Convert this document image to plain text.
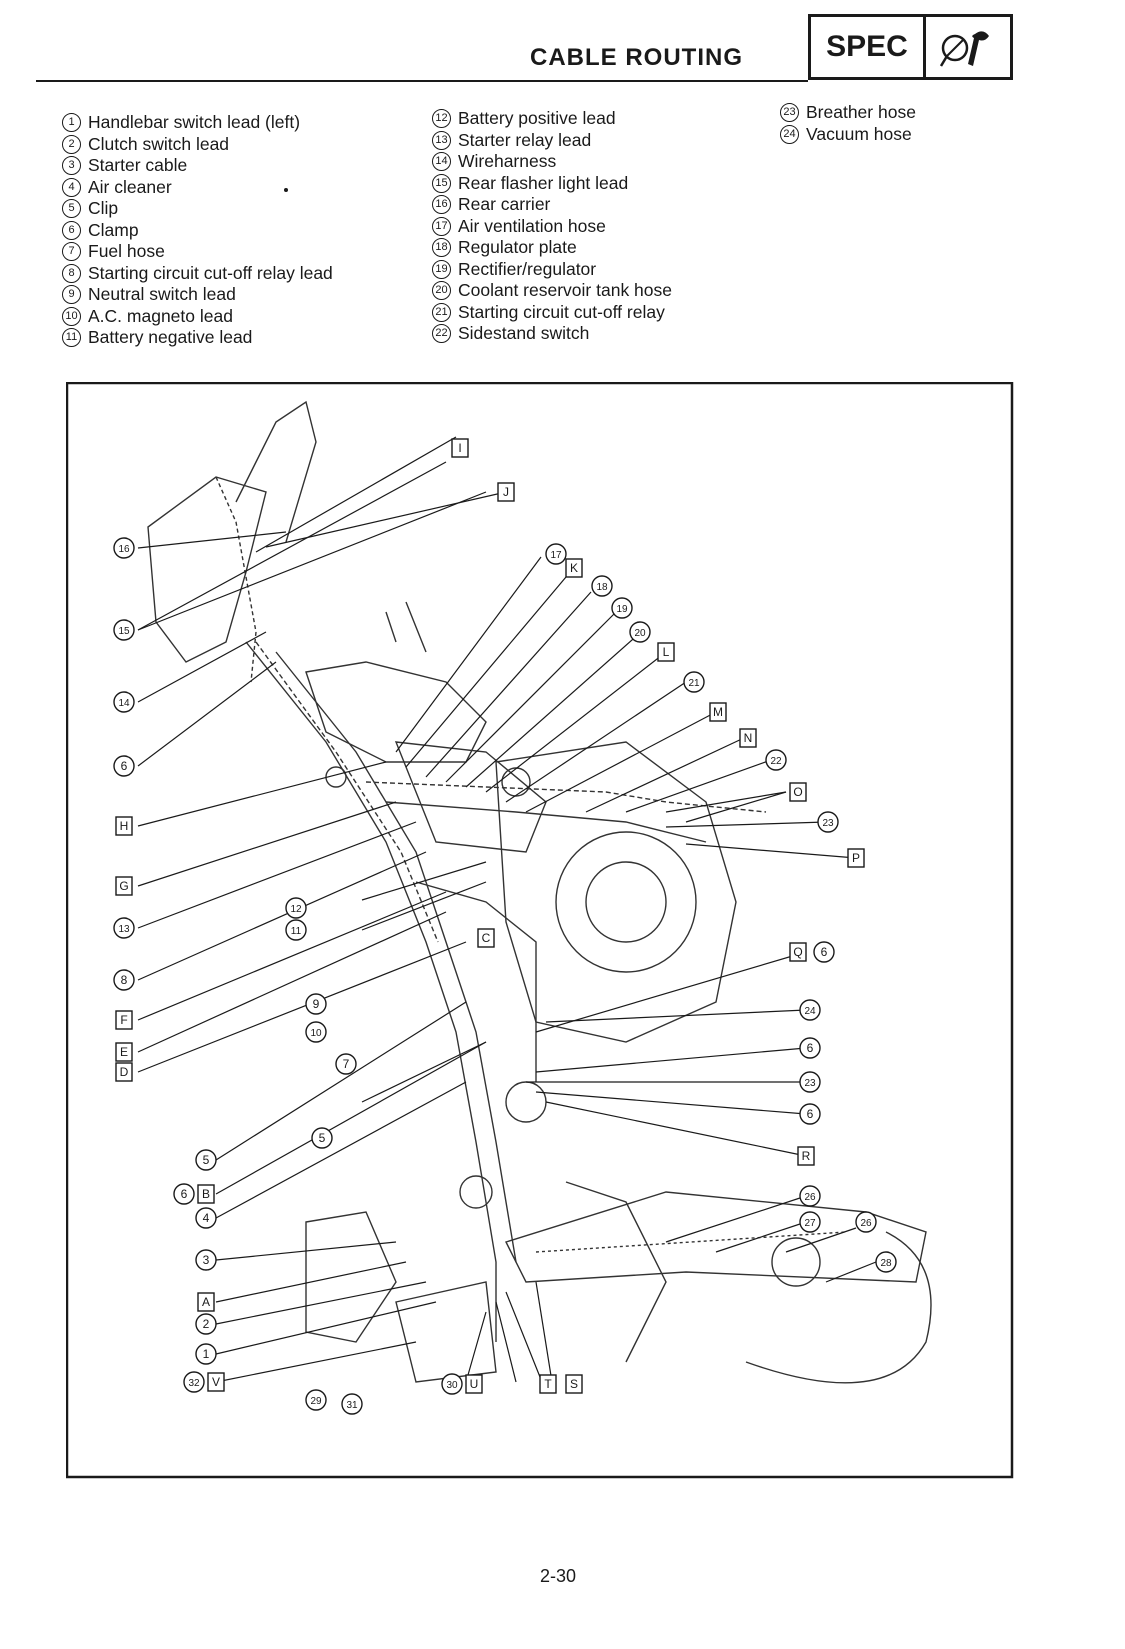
CABLE ROUTING	SPEC
1 Handlebar switch lead (left)
2 Clutch switch lead
3 Starter cable
4 Air cleaner
5 Clip
6 Clamp
7 Fuel hose
8 Starting circuit cut-off relay lead
9 Neutral switch lead
10 A.C. magneto lead
11 Battery negative lead
12 Battery positive lead
13 Starter relay lead
14 Wireharness
15 Rear flasher light lead
16 Rear carrier
17 Air ventilation hose
18 Regulator plate
19 Rectifier/regulator
20 Coolant reservoir tank hose
21 Starting circuit cut-off relay
22 Sidestand switch
23 Breather hose
24 Vacuum hose
16
15
14
6
H
G
13
8
F
E
D
5
6 B
4
3
A
2
1
32 V
12
11
9
10
7
5
C
29 31
30 U	T S
I
J
17
K
18
19
20
L
21
M
N
22
O
23
P
Q 6
24
6
23
6
R
26
27	26
28
2-30
